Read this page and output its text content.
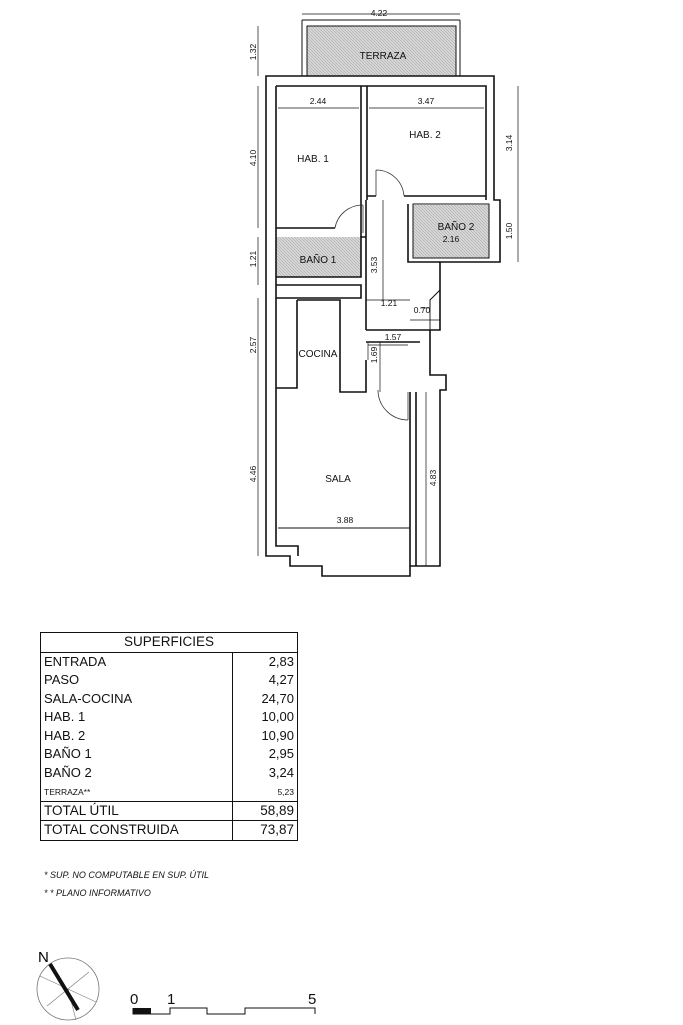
TERRAZA
HAB. 1
HAB. 2
BAÑO 1
BAÑO 2
COCINA
SALA
4.22
1.32
2.44	3.47
4.10
3.14
1.50
2.16
1.21	3.53
1.21
0.70
1.57
1.69
2.57
4.46
3.88
4.83
SUPERFICIES	
ENTRADA	2,83
PASO	4,27
SALA-COCINA	24,70
HAB. 1	10,00
HAB. 2	10,90
BAÑO 1	2,95
BAÑO 2	3,24
TERRAZA**	5,23
TOTAL ÚTIL	58,89
TOTAL CONSTRUIDA	73,87
* SUP. NO COMPUTABLE EN SUP. ÚTIL
* * PLANO INFORMATIVO
N
0 1	5
